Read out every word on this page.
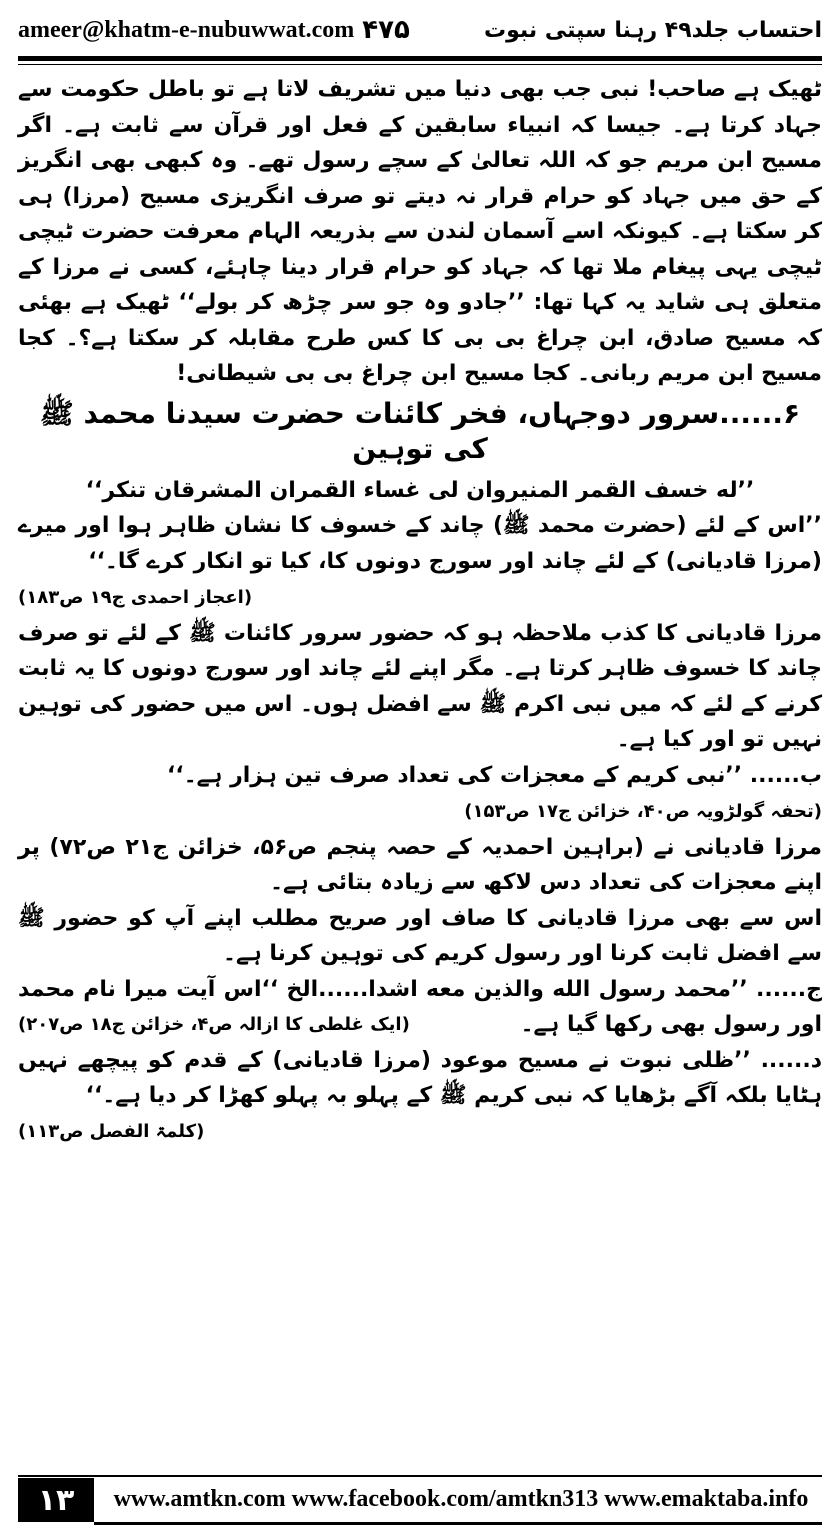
ameer@khatm-e-nubuwwat.com ۴۷۵	احتساب جلد۴۹ رہنا سپتی نبوت

ٹھیک ہے صاحب! نبی جب بھی دنیا میں تشریف لاتا ہے تو باطل حکومت سے جہاد کرتا ہے۔ جیسا کہ انبیاء سابقین کے فعل اور قرآن سے ثابت ہے۔ اگر مسیح ابن مریم جو کہ اللہ تعالیٰ کے سچے رسول تھے۔ وہ کبھی بھی انگریز کے حق میں جہاد کو حرام قرار نہ دیتے تو صرف انگریزی مسیح (مرزا) ہی کر سکتا ہے۔ کیونکہ اسے آسمان لندن سے بذریعہ الہام معرفت حضرت ٹیچی ٹیچی یہی پیغام ملا تھا کہ جہاد کو حرام قرار دینا چاہئے، کسی نے مرزا کے متعلق ہی شاید یہ کہا تھا: ’’جادو وہ جو سر چڑھ کر بولے‘‘ ٹھیک ہے بھئی کہ مسیح صادق، ابن چراغ بی بی کا کس طرح مقابلہ کر سکتا ہے؟۔ کجا مسیح ابن مریم ربانی۔ کجا مسیح ابن چراغ بی بی شیطانی!

۶......سرور دوجہاں، فخر کائنات حضرت سیدنا محمد ﷺ کی توہین
’’له خسف القمر المنیروان لی غساء القمران المشرقان تنكر‘‘

’’اس کے لئے (حضرت محمد ﷺ) چاند کے خسوف کا نشان ظاہر ہوا اور میرے (مرزا قادیانی) کے لئے چاند اور سورج دونوں کا، کیا تو انکار کرے گا۔‘‘

(اعجاز احمدی ج۱۹ ص۱۸۳)

مرزا قادیانی کا کذب ملاحظہ ہو کہ حضور سرور کائنات ﷺ کے لئے تو صرف چاند کا خسوف ظاہر کرتا ہے۔ مگر اپنے لئے چاند اور سورج دونوں کا یہ ثابت کرنے کے لئے کہ میں نبی اکرم ﷺ سے افضل ہوں۔ اس میں حضور کی توہین نہیں تو اور کیا ہے۔

ب...... ’’نبی کریم کے معجزات کی تعداد صرف تین ہزار ہے۔‘‘

(تحفہ گولڑویہ ص۴۰، خزائن ج۱۷ ص۱۵۳)

مرزا قادیانی نے (براہین احمدیہ کے حصہ پنجم ص۵۶، خزائن ج۲۱ ص۷۲) پر اپنے معجزات کی تعداد دس لاکھ سے زیادہ بتائی ہے۔

اس سے بھی مرزا قادیانی کا صاف اور صریح مطلب اپنے آپ کو حضور ﷺ سے افضل ثابت کرنا اور رسول کریم کی توہین کرنا ہے۔

ج...... ’’محمد رسول الله والذین معه اشدا......الخ ‘‘اس آیت میرا نام محمد اور رسول بھی رکھا گیا ہے۔
(ایک غلطی کا ازالہ ص۴، خزائن ج۱۸ ص۲۰۷)

د...... ’’ظلی نبوت نے مسیح موعود (مرزا قادیانی) کے قدم کو پیچھے نہیں ہٹایا بلکہ آگے بڑھایا کہ نبی کریم ﷺ کے پہلو بہ پہلو کھڑا کر دیا ہے۔‘‘
(کلمۃ الفصل ص۱۱۳)

۱۳	www.amtkn.com www.facebook.com/amtkn313 www.emaktaba.info
